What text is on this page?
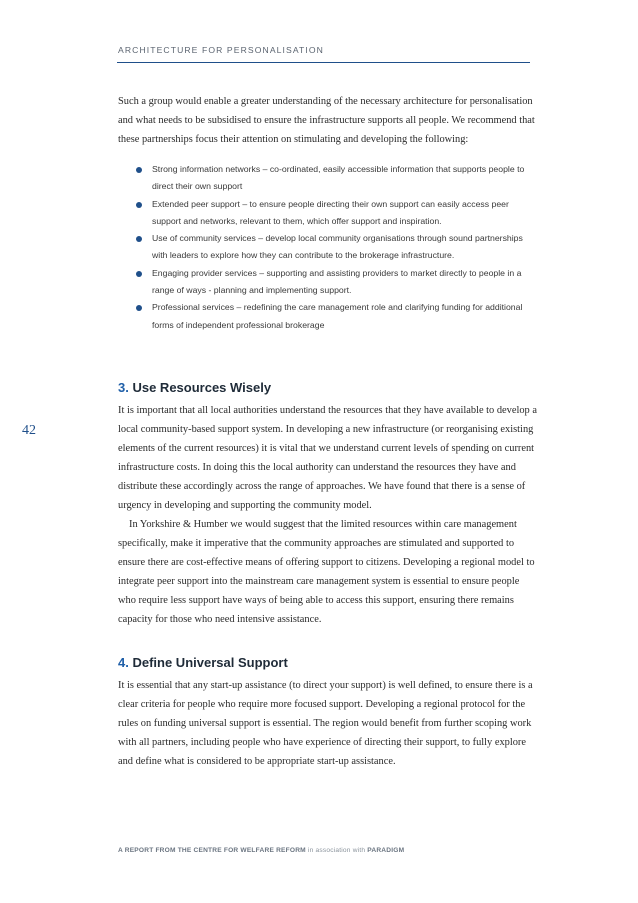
ARCHITECTURE FOR PERSONALISATION
42
Such a group would enable a greater understanding of the necessary architecture for personalisation and what needs to be subsidised to ensure the infrastructure supports all people. We recommend that these partnerships focus their attention on stimulating and developing the following:
Strong information networks – co-ordinated, easily accessible information that supports people to direct their own support
Extended peer support – to ensure people directing their own support can easily access peer support and networks, relevant to them, which offer support and inspiration.
Use of community services – develop local community organisations through sound partnerships with leaders to explore how they can contribute to the brokerage infrastructure.
Engaging provider services – supporting and assisting providers to market directly to people in a range of ways - planning and implementing support.
Professional services – redefining the care management role and clarifying funding for additional forms of independent professional brokerage
3. Use Resources Wisely

It is important that all local authorities understand the resources that they have available to develop a local community-based support system. In developing a new infrastructure (or reorganising existing elements of the current resources) it is vital that we understand current levels of spending on current infrastructure costs. In doing this the local authority can understand the resources they have and distribute these accordingly across the range of approaches. We have found that there is a sense of urgency in developing and supporting the community model.

In Yorkshire & Humber we would suggest that the limited resources within care management specifically, make it imperative that the community approaches are stimulated and supported to ensure there are cost-effective means of offering support to citizens. Developing a regional model to integrate peer support into the mainstream care management system is essential to ensure people who require less support have ways of being able to access this support, ensuring there remains capacity for those who need intensive assistance.

4. Define Universal Support

It is essential that any start-up assistance (to direct your support) is well defined, to ensure there is a clear criteria for people who require more focused support. Developing a regional protocol for the rules on funding universal support is essential. The region would benefit from further scoping work with all partners, including people who have experience of directing their support, to fully explore and define what is considered to be appropriate start-up assistance.

A REPORT FROM THE CENTRE FOR WELFARE REFORM in association with PARADIGM
